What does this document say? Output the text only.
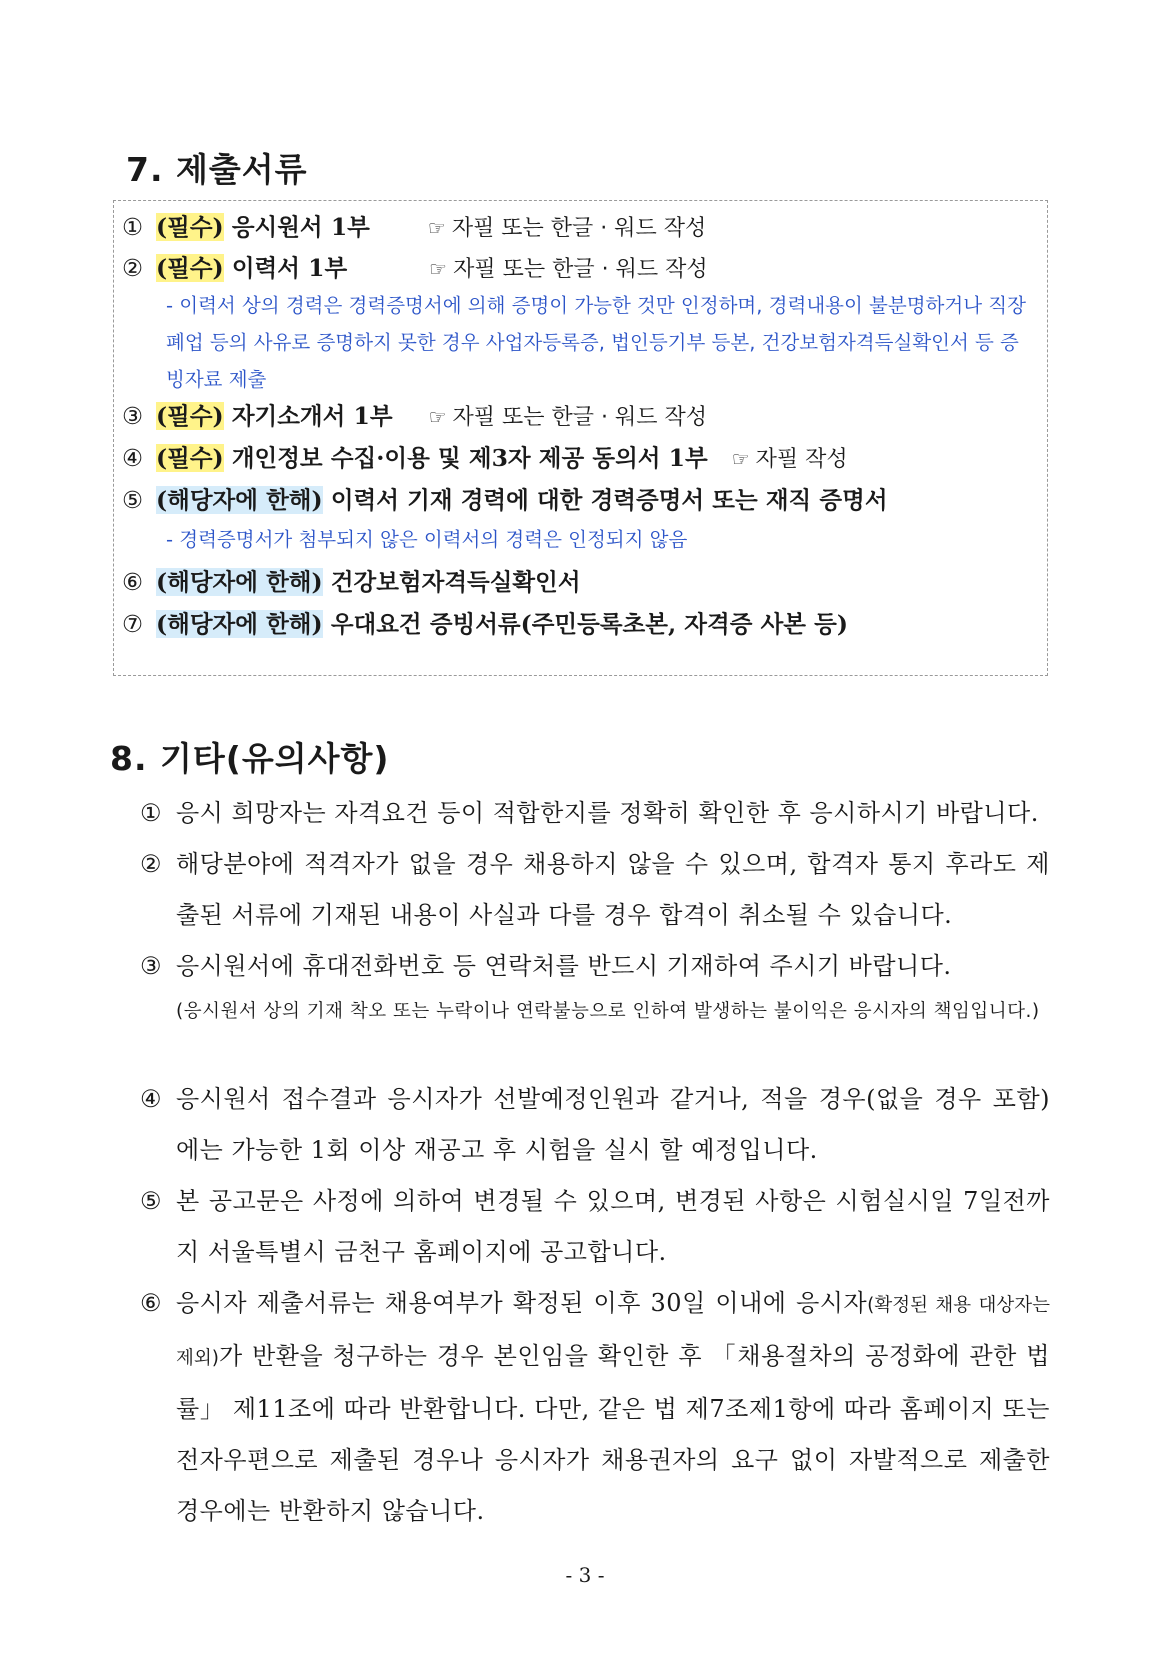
7. 제출서류
① (필수) 응시원서 1부	☞ 자필 또는 한글 · 워드 작성
② (필수) 이력서 1부	☞ 자필 또는 한글 · 워드 작성
- 이력서 상의 경력은 경력증명서에 의해 증명이 가능한 것만 인정하며, 경력내용이 불분명하거나 직장폐업 등의 사유로 증명하지 못한 경우 사업자등록증, 법인등기부 등본, 건강보험자격득실확인서 등 증빙자료 제출
③ (필수) 자기소개서 1부 ☞ 자필 또는 한글 · 워드 작성
④ (필수) 개인정보 수집·이용 및 제3자 제공 동의서 1부 ☞ 자필 작성
⑤ (해당자에 한해) 이력서 기재 경력에 대한 경력증명서 또는 재직 증명서
- 경력증명서가 첨부되지 않은 이력서의 경력은 인정되지 않음
⑥ (해당자에 한해) 건강보험자격득실확인서
⑦ (해당자에 한해) 우대요건 증빙서류(주민등록초본, 자격증 사본 등)
8. 기타(유의사항)
① 응시 희망자는 자격요건 등이 적합한지를 정확히 확인한 후 응시하시기 바랍니다.
② 해당분야에 적격자가 없을 경우 채용하지 않을 수 있으며, 합격자 통지 후라도 제출된 서류에 기재된 내용이 사실과 다를 경우 합격이 취소될 수 있습니다.
③ 응시원서에 휴대전화번호 등 연락처를 반드시 기재하여 주시기 바랍니다.
(응시원서 상의 기재 착오 또는 누락이나 연락불능으로 인하여 발생하는 불이익은 응시자의 책임입니다.)
④ 응시원서 접수결과 응시자가 선발예정인원과 같거나, 적을 경우(없을 경우 포함)에는 가능한 1회 이상 재공고 후 시험을 실시 할 예정입니다.
⑤ 본 공고문은 사정에 의하여 변경될 수 있으며, 변경된 사항은 시험실시일 7일전까지 서울특별시 금천구 홈페이지에 공고합니다.
⑥ 응시자 제출서류는 채용여부가 확정된 이후 30일 이내에 응시자(확정된 채용 대상자는 제외)가 반환을 청구하는 경우 본인임을 확인한 후 「채용절차의 공정화에 관한 법률」 제11조에 따라 반환합니다. 다만, 같은 법 제7조제1항에 따라 홈페이지 또는 전자우편으로 제출된 경우나 응시자가 채용권자의 요구 없이 자발적으로 제출한 경우에는 반환하지 않습니다.
- 3 -
